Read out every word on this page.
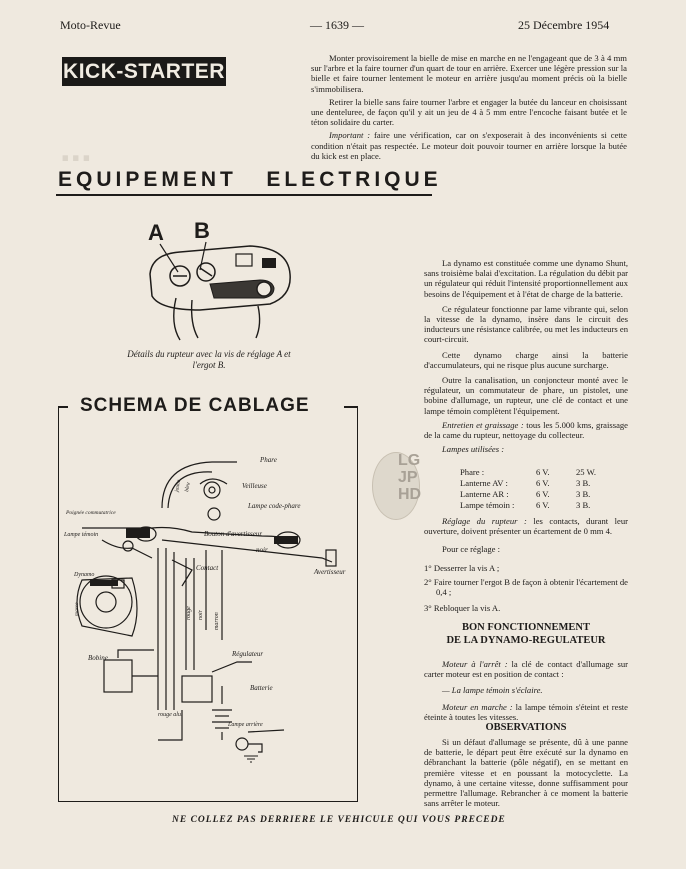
Moto-Revue	— 1639 —	25 Décembre 1954
...
KICK-STARTER

Monter provisoirement la bielle de mise en marche en ne l'engageant que de 3 à 4 mm sur l'arbre et la faire tourner d'un quart de tour en arrière. Exercer une légère pression sur la bielle et faire tourner lentement le moteur en arrière jusqu'au moment précis où la bielle s'immobilisera.

Retirer la bielle sans faire tourner l'arbre et engager la butée du lanceur en choisissant une denteluree, de façon qu'il y ait un jeu de 4 à 5 mm entre l'encoche faisant butée et le téton solidaire du carter.

Important : faire une vérification, car on s'exposerait à des inconvénients si cette condition n'était pas respectée. Le moteur doit pouvoir tourner en arrière lorsque la butée du kick est en place.

EQUIPEMENT   ELECTRIQUE
A B
Détails du rupteur avec la vis de réglage A et l'ergot B.
SCHEMA DE CABLAGE
Phare
Veilleuse
Lampe code-phare
Poignée commutatrice
Bouton d'avertisseur
noir
Lampe témoin
Contact	Avertisseur
Dynamo
Bobine	Régulateur
Batterie
Lampe arrière
rouge alu.
jaune bleu
rouge noir marron
masse

La dynamo est constituée comme une dynamo Shunt, sans troisième balai d'excitation. La régulation du débit par un régulateur qui réduit l'intensité proportionnellement aux besoins de l'équipement et à l'état de charge de la batterie.

Ce régulateur fonctionne par lame vibrante qui, selon la vitesse de la dynamo, insère dans le circuit des inducteurs une résistance calibrée, ou met les inducteurs en court-circuit.

Cette dynamo charge ainsi la batterie d'accumulateurs, qui ne risque plus aucune surcharge.

Outre la canalisation, un conjoncteur monté avec le régulateur, un commutateur de phare, un pistolet, une bobine d'allumage, un rupteur, une clé de contact et une lampe témoin complètent l'équipement.

Entretien et graissage : tous les 5.000 kms, graissage de la came du rupteur, nettoyage du collecteur.

Lampes utilisées :

Phare :	6 V.	25 W.
Lanterne AV :	6 V.	3 B.
Lanterne AR :	6 V.	3 B.
Lampe témoin :	6 V.	3 B.
LG
JP
HD

Réglage du rupteur : les contacts, durant leur ouverture, doivent présenter un écartement de 0 mm 4.

Pour ce réglage :

1° Desserrer la vis A ;

2° Faire tourner l'ergot B de façon à obtenir l'écartement de 0,4 ;

3° Rebloquer la vis A.

BON FONCTIONNEMENT
DE LA DYNAMO-REGULATEUR

Moteur à l'arrêt : la clé de contact d'allumage sur carter moteur est en position de contact :

— La lampe témoin s'éclaire.

Moteur en marche : la lampe témoin s'éteint et reste éteinte à toutes les vitesses.

OBSERVATIONS

Si un défaut d'allumage se présente, dû à une panne de batterie, le départ peut être exécuté sur la dynamo en débranchant la batterie (pôle négatif), en se mettant en première vitesse et en poussant la motocyclette. La dynamo, à une certaine vitesse, donne suffisamment pour permettre l'allumage. Rebrancher à ce moment la batterie sans arrêter le moteur.

NE COLLEZ PAS DERRIERE LE VEHICULE QUI VOUS PRECEDE
